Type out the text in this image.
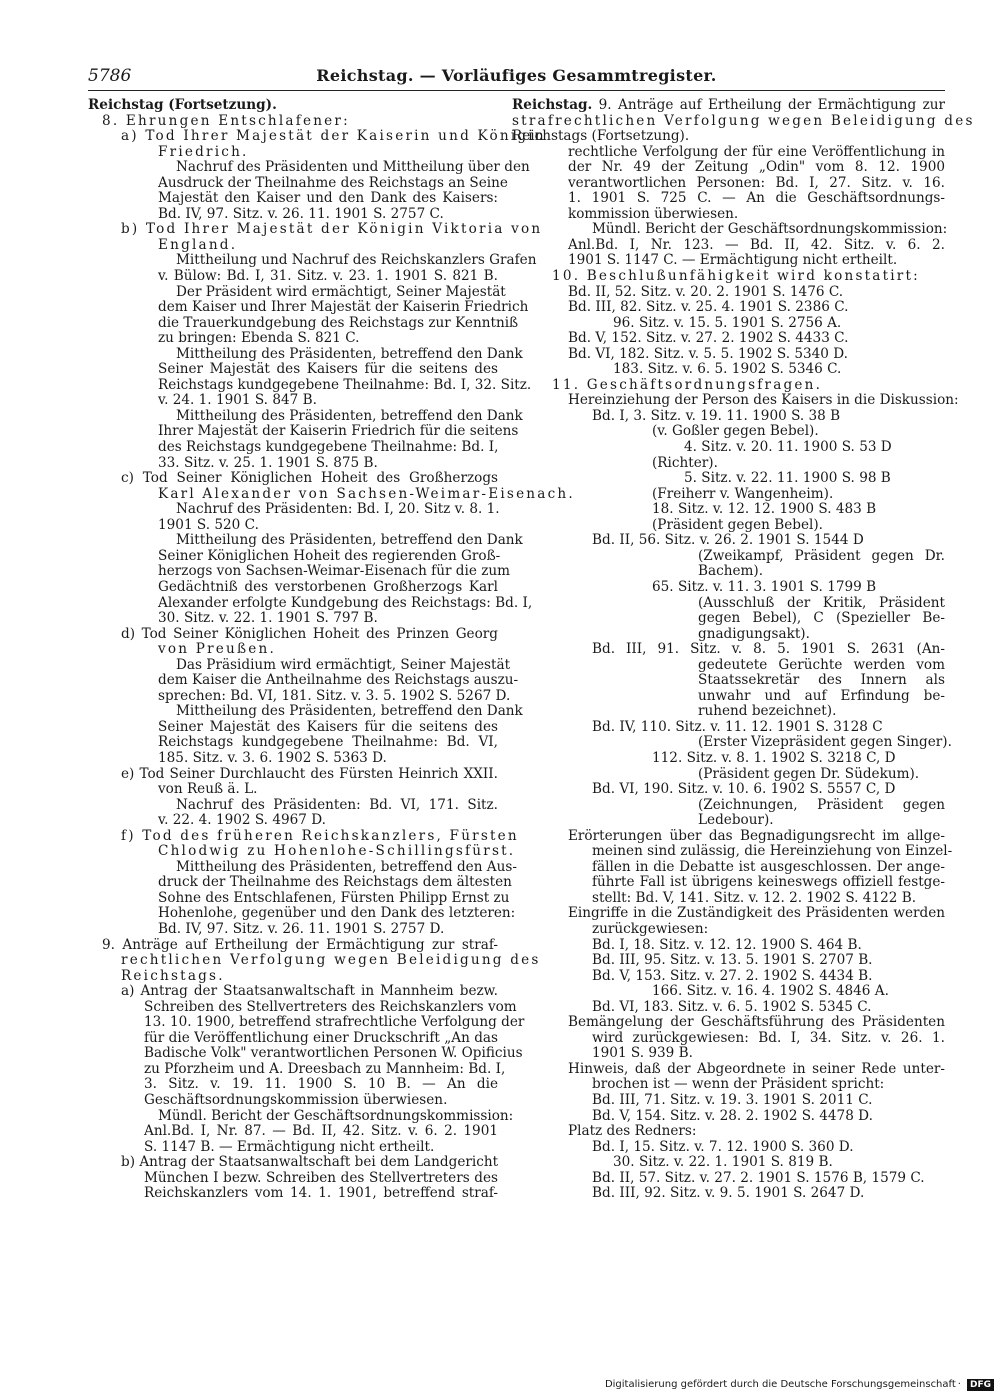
5786	Reichstag. — Vorläufiges Gesammtregister.
Reichstag (Fortsetzung).
8. Ehrungen Entschlafener:
a) Tod Ihrer Majestät der Kaiserin und Königin
Friedrich.
Nachruf des Präsidenten und Mittheilung über den
Ausdruck der Theilnahme des Reichstags an Seine
Majestät den Kaiser und den Dank des Kaisers:
Bd. IV, 97. Sitz. v. 26. 11. 1901 S. 2757 C.
b) Tod Ihrer Majestät der Königin Viktoria von
England.
Mittheilung und Nachruf des Reichskanzlers Grafen
v. Bülow: Bd. I, 31. Sitz. v. 23. 1. 1901 S. 821 B.
Der Präsident wird ermächtigt, Seiner Majestät
dem Kaiser und Ihrer Majestät der Kaiserin Friedrich
die Trauerkundgebung des Reichstags zur Kenntniß
zu bringen: Ebenda S. 821 C.
Mittheilung des Präsidenten, betreffend den Dank
Seiner Majestät des Kaisers für die seitens des
Reichstags kundgegebene Theilnahme: Bd. I, 32. Sitz.
v. 24. 1. 1901 S. 847 B.
Mittheilung des Präsidenten, betreffend den Dank
Ihrer Majestät der Kaiserin Friedrich für die seitens
des Reichstags kundgegebene Theilnahme: Bd. I,
33. Sitz. v. 25. 1. 1901 S. 875 B.
c) Tod Seiner Königlichen Hoheit des Großherzogs
Karl Alexander von Sachsen-Weimar-Eisenach.
Nachruf des Präsidenten: Bd. I, 20. Sitz v. 8. 1.
1901 S. 520 C.
Mittheilung des Präsidenten, betreffend den Dank
Seiner Königlichen Hoheit des regierenden Groß-
herzogs von Sachsen-Weimar-Eisenach für die zum
Gedächtniß des verstorbenen Großherzogs Karl
Alexander erfolgte Kundgebung des Reichstags: Bd. I,
30. Sitz. v. 22. 1. 1901 S. 797 B.
d) Tod Seiner Königlichen Hoheit des Prinzen Georg
von Preußen.
Das Präsidium wird ermächtigt, Seiner Majestät
dem Kaiser die Antheilnahme des Reichstags auszu-
sprechen: Bd. VI, 181. Sitz. v. 3. 5. 1902 S. 5267 D.
Mittheilung des Präsidenten, betreffend den Dank
Seiner Majestät des Kaisers für die seitens des
Reichstags kundgegebene Theilnahme: Bd. VI,
185. Sitz. v. 3. 6. 1902 S. 5363 D.
e) Tod Seiner Durchlaucht des Fürsten Heinrich XXII.
von Reuß ä. L.
Nachruf des Präsidenten: Bd. VI, 171. Sitz.
v. 22. 4. 1902 S. 4967 D.
f) Tod des früheren Reichskanzlers, Fürsten
Chlodwig zu Hohenlohe-Schillingsfürst.
Mittheilung des Präsidenten, betreffend den Aus-
druck der Theilnahme des Reichstags dem ältesten
Sohne des Entschlafenen, Fürsten Philipp Ernst zu
Hohenlohe, gegenüber und den Dank des letzteren:
Bd. IV, 97. Sitz. v. 26. 11. 1901 S. 2757 D.
9. Anträge auf Ertheilung der Ermächtigung zur straf-
rechtlichen Verfolgung wegen Beleidigung des
Reichstags.
a) Antrag der Staatsanwaltschaft in Mannheim bezw.
Schreiben des Stellvertreters des Reichskanzlers vom
13. 10. 1900, betreffend strafrechtliche Verfolgung der
für die Veröffentlichung einer Druckschrift „An das
Badische Volk" verantwortlichen Personen W. Opificius
zu Pforzheim und A. Dreesbach zu Mannheim: Bd. I,
3. Sitz. v. 19. 11. 1900 S. 10 B. — An die
Geschäftsordnungskommission überwiesen.
Mündl. Bericht der Geschäftsordnungskommission:
Anl.Bd. I, Nr. 87. — Bd. II, 42. Sitz. v. 6. 2. 1901
S. 1147 B. — Ermächtigung nicht ertheilt.
b) Antrag der Staatsanwaltschaft bei dem Landgericht
München I bezw. Schreiben des Stellvertreters des
Reichskanzlers vom 14. 1. 1901, betreffend straf-
Reichstag. 9. Anträge auf Ertheilung der Ermächtigung zur
strafrechtlichen Verfolgung wegen Beleidigung des
Reichstags (Fortsetzung).
rechtliche Verfolgung der für eine Veröffentlichung in
der Nr. 49 der Zeitung „Odin" vom 8. 12. 1900
verantwortlichen Personen: Bd. I, 27. Sitz. v. 16.
1. 1901 S. 725 C. — An die Geschäftsordnungs-
kommission überwiesen.
Mündl. Bericht der Geschäftsordnungskommission:
Anl.Bd. I, Nr. 123. — Bd. II, 42. Sitz. v. 6. 2.
1901 S. 1147 C. — Ermächtigung nicht ertheilt.
10. Beschlußunfähigkeit wird konstatirt:
Bd. II, 52. Sitz. v. 20. 2. 1901 S. 1476 C.
Bd. III, 82. Sitz. v. 25. 4. 1901 S. 2386 C.
96. Sitz. v. 15. 5. 1901 S. 2756 A.
Bd. V, 152. Sitz. v. 27. 2. 1902 S. 4433 C.
Bd. VI, 182. Sitz. v. 5. 5. 1902 S. 5340 D.
183. Sitz. v. 6. 5. 1902 S. 5346 C.
11. Geschäftsordnungsfragen.
Hereinziehung der Person des Kaisers in die Diskussion:
Bd. I, 3. Sitz. v. 19. 11. 1900 S. 38 B
(v. Goßler gegen Bebel).
4. Sitz. v. 20. 11. 1900 S. 53 D
(Richter).
5. Sitz. v. 22. 11. 1900 S. 98 B
(Freiherr v. Wangenheim).
18. Sitz. v. 12. 12. 1900 S. 483 B
(Präsident gegen Bebel).
Bd. II, 56. Sitz. v. 26. 2. 1901 S. 1544 D
(Zweikampf, Präsident gegen Dr.
Bachem).
65. Sitz. v. 11. 3. 1901 S. 1799 B
(Ausschluß der Kritik, Präsident
gegen Bebel), C (Spezieller Be-
gnadigungsakt).
Bd. III, 91. Sitz. v. 8. 5. 1901 S. 2631 (An-
gedeutete Gerüchte werden vom
Staatssekretär des Innern als
unwahr und auf Erfindung be-
ruhend bezeichnet).
Bd. IV, 110. Sitz. v. 11. 12. 1901 S. 3128 C
(Erster Vizepräsident gegen Singer).
112. Sitz. v. 8. 1. 1902 S. 3218 C, D
(Präsident gegen Dr. Südekum).
Bd. VI, 190. Sitz. v. 10. 6. 1902 S. 5557 C, D
(Zeichnungen, Präsident gegen
Ledebour).
Erörterungen über das Begnadigungsrecht im allge-
meinen sind zulässig, die Hereinziehung von Einzel-
fällen in die Debatte ist ausgeschlossen. Der ange-
führte Fall ist übrigens keineswegs offiziell festge-
stellt: Bd. V, 141. Sitz. v. 12. 2. 1902 S. 4122 B.
Eingriffe in die Zuständigkeit des Präsidenten werden
zurückgewiesen:
Bd. I, 18. Sitz. v. 12. 12. 1900 S. 464 B.
Bd. III, 95. Sitz. v. 13. 5. 1901 S. 2707 B.
Bd. V, 153. Sitz. v. 27. 2. 1902 S. 4434 B.
166. Sitz. v. 16. 4. 1902 S. 4846 A.
Bd. VI, 183. Sitz. v. 6. 5. 1902 S. 5345 C.
Bemängelung der Geschäftsführung des Präsidenten
wird zurückgewiesen: Bd. I, 34. Sitz. v. 26. 1.
1901 S. 939 B.
Hinweis, daß der Abgeordnete in seiner Rede unter-
brochen ist — wenn der Präsident spricht:
Bd. III, 71. Sitz. v. 19. 3. 1901 S. 2011 C.
Bd. V, 154. Sitz. v. 28. 2. 1902 S. 4478 D.
Platz des Redners:
Bd. I, 15. Sitz. v. 7. 12. 1900 S. 360 D.
30. Sitz. v. 22. 1. 1901 S. 819 B.
Bd. II, 57. Sitz. v. 27. 2. 1901 S. 1576 B, 1579 C.
Bd. III, 92. Sitz. v. 9. 5. 1901 S. 2647 D.
Digitalisierung gefördert durch die Deutsche Forschungsgemeinschaft · DFG
